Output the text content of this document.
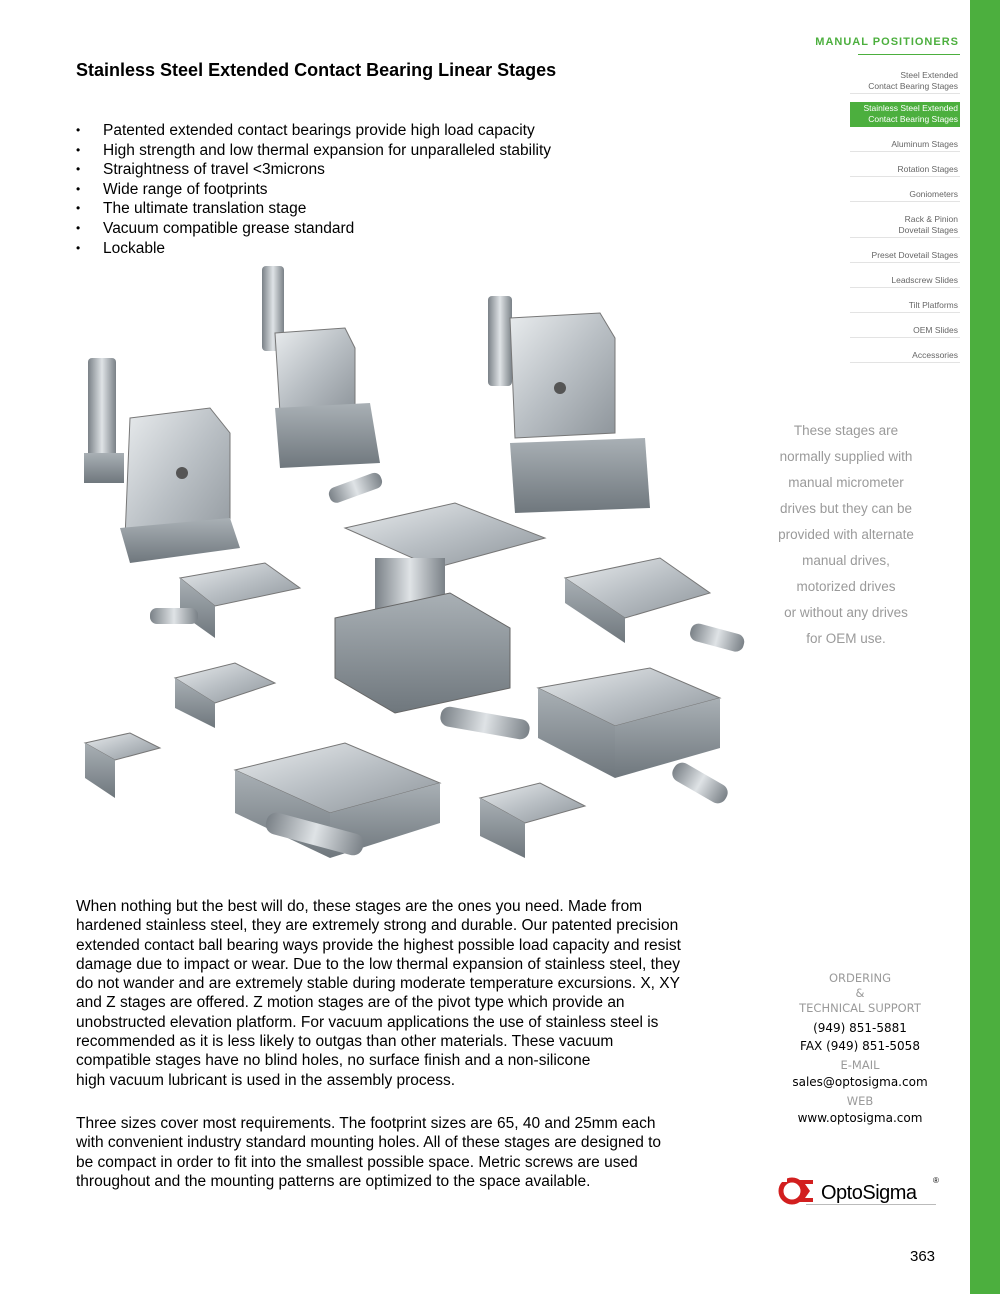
MANUAL POSITIONERS
Stainless Steel Extended Contact Bearing Linear Stages	Steel Extended
Contact Bearing Stages
Stainless Steel Extended
Contact Bearing Stages
Aluminum Stages
Rotation Stages
Goniometers
Rack & Pinion
Dovetail Stages
Preset Dovetail Stages
Leadscrew Slides
Tilt Platforms
OEM Slides
Accessories
• Patented extended contact bearings provide high load capacity
• High strength and low thermal expansion for unparalleled stability
• Straightness of travel <3microns
• Wide range of footprints
• The ultimate translation stage
• Vacuum compatible grease standard
• Lockable
These stages are
normally supplied with
manual micrometer
drives but they can be
provided with alternate
manual drives,
motorized drives
or without any drives
for OEM use.
When nothing but the best will do, these stages are the ones you need. Made from
hardened stainless steel, they are extremely strong and durable. Our patented precision
extended contact ball bearing ways provide the highest possible load capacity and resist
damage due to impact or wear. Due to the low thermal expansion of stainless steel, they
do not wander and are extremely stable during moderate temperature excursions. X, XY
and Z stages are offered. Z motion stages are of the pivot type which provide an
unobstructed elevation platform. For vacuum applications the use of stainless steel is
recommended as it is less likely to outgas than other materials. These vacuum
compatible stages have no blind holes, no surface finish and a non-silicone
high vacuum lubricant is used in the assembly process.
Three sizes cover most requirements. The footprint sizes are 65, 40 and 25mm each
with convenient industry standard mounting holes. All of these stages are designed to
be compact in order to fit into the smallest possible space. Metric screws are used
throughout and the mounting patterns are optimized to the space available.
ORDERING
&
TECHNICAL SUPPORT
(949) 851-5881
FAX (949) 851-5058
E-MAIL
sales@optosigma.com
WEB
www.optosigma.com
OptoSigma
®
363
